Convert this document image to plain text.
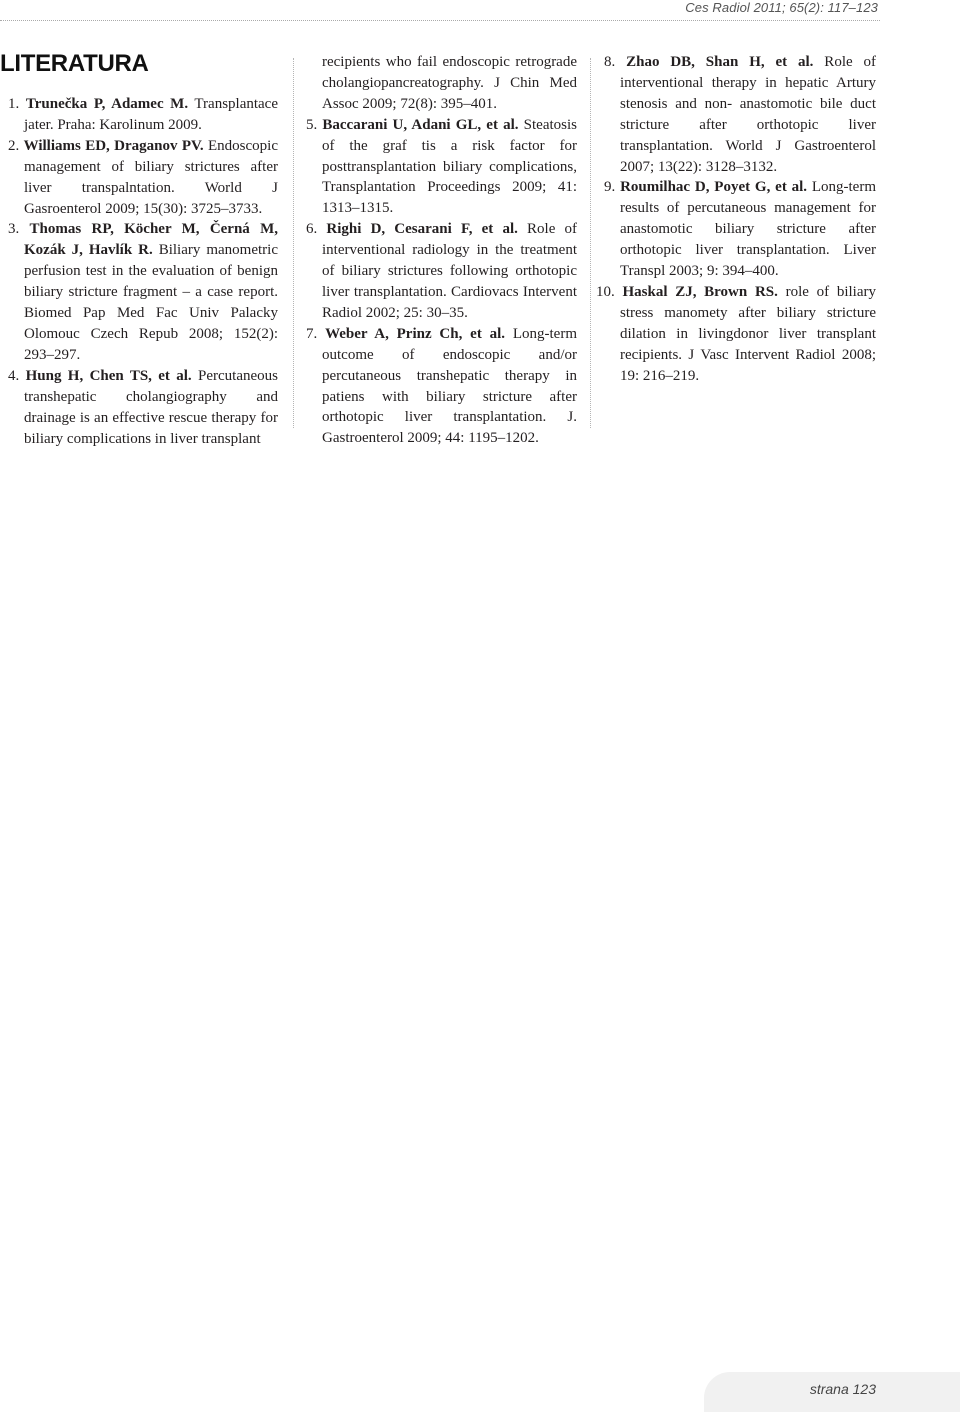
Ces Radiol 2011; 65(2): 117–123
LITERATURA

1. Trunečka P, Adamec M. Transplantace jater. Praha: Karolinum 2009.

2. Williams ED, Draganov PV. Endoscopic management of biliary strictures after liver transpalntation. World J Gasroenterol 2009; 15(30): 3725–3733.

3. Thomas RP, Köcher M, Černá M, Kozák J, Havlík R. Biliary manometric perfusion test in the evaluation of benign biliary stricture fragment – a case report. Biomed Pap Med Fac Univ Palacky Olomouc Czech Repub 2008; 152(2): 293–297.

4. Hung H, Chen TS, et al. Percutaneous transhepatic cholangiography and drainage is an effective rescue therapy for biliary complications in liver transplant

recipients who fail endoscopic retrograde cholangiopancreatography. J Chin Med Assoc 2009; 72(8): 395–401.

5. Baccarani U, Adani GL, et al. Steatosis of the graf tis a risk factor for posttransplantation biliary complications, Transplantation Proceedings 2009; 41: 1313–1315.

6. Righi D, Cesarani F, et al. Role of interventional radiology in the treatment of biliary strictures following orthotopic liver transplantation. Cardiovacs Intervent Radiol 2002; 25: 30–35.

7. Weber A, Prinz Ch, et al. Long-term outcome of endoscopic and/or percutaneous transhepatic therapy in patiens with biliary stricture after orthotopic liver transplantation. J. Gastroenterol 2009; 44: 1195–1202.

8. Zhao DB, Shan H, et al. Role of interventional therapy in hepatic Artury stenosis and non- anastomotic bile duct stricture after orthotopic liver transplantation. World J Gastroenterol 2007; 13(22): 3128–3132.

9. Roumilhac D, Poyet G, et al. Long-term results of percutaneous management for anastomotic biliary stricture after orthotopic liver transplantation. Liver Transpl 2003; 9: 394–400.

10. Haskal ZJ, Brown RS. role of biliary stress manomety after biliary stricture dilation in livingdonor liver transplant recipients. J Vasc Intervent Radiol 2008; 19: 216–219.

strana 123
